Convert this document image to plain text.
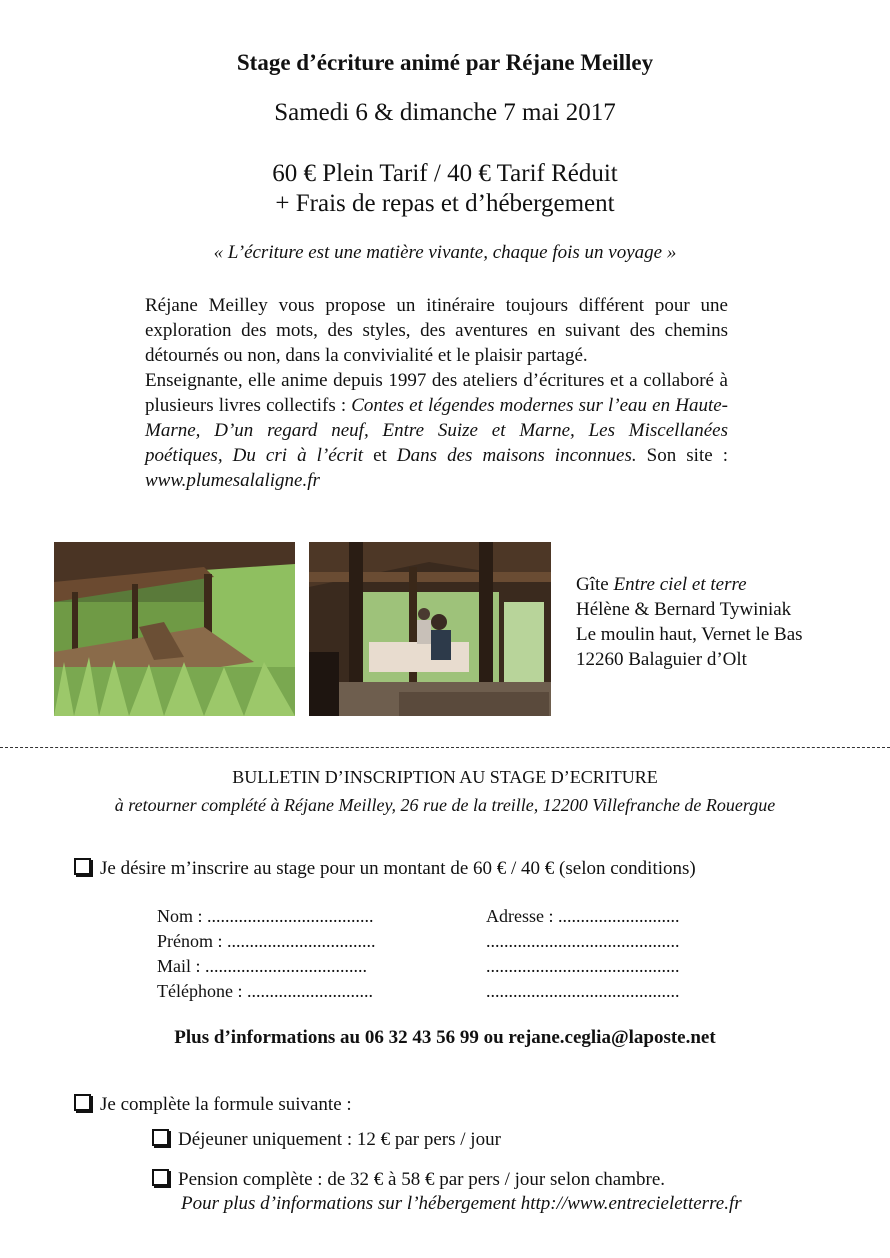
Stage d’écriture animé par Réjane Meilley
Samedi 6 & dimanche 7 mai 2017
60 € Plein Tarif / 40 € Tarif Réduit
+ Frais de repas et d’hébergement
« L’écriture est une matière vivante, chaque fois un voyage »

Réjane Meilley vous propose un itinéraire toujours différent pour une exploration des mots, des styles, des aventures en suivant des chemins détournés ou non, dans la convivialité et le plaisir partagé.

Enseignante, elle anime depuis 1997 des ateliers d’écritures et a collaboré à plusieurs livres collectifs : Contes et légendes modernes sur l’eau en Haute-Marne, D’un regard neuf, Entre Suize et Marne, Les Miscellanées poétiques, Du cri à l’écrit et Dans des maisons inconnues. Son site : www.plumesalaligne.fr

Gîte Entre ciel et terre
Hélène & Bernard Tywiniak
Le moulin haut, Vernet le Bas
12260 Balaguier d’Olt
BULLETIN D’INSCRIPTION AU STAGE D’ECRITURE
à retourner complété à Réjane Meilley, 26 rue de la treille, 12200 Villefranche de Rouergue
Je désire m’inscrire au stage pour un montant de 60 € / 40 € (selon conditions)
Nom : .....................................
Prénom : .................................
Mail : ....................................
Téléphone : ............................
Adresse : ...........................
...........................................
...........................................
...........................................
Plus d’informations au 06 32 43 56 99 ou rejane.ceglia@laposte.net
Je complète la formule suivante :
Déjeuner uniquement : 12 € par pers / jour
Pension complète : de 32 € à 58 € par pers / jour selon chambre.
Pour plus d’informations sur l’hébergement http://www.entrecieletterre.fr
